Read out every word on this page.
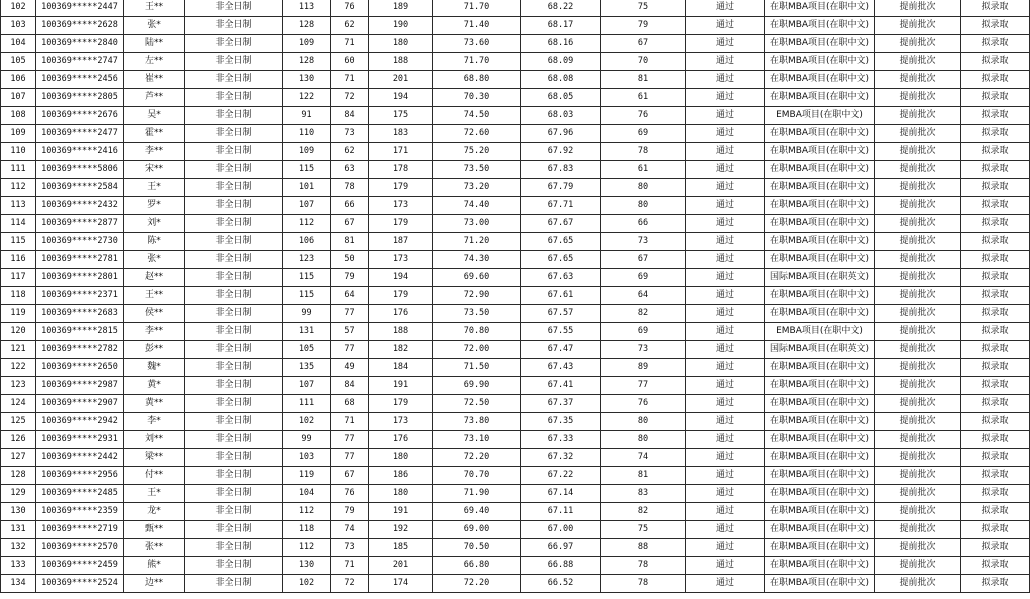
102	100369*****2447	王**	非全日制	113	76	189	71.70	68.22	75	通过	在职MBA项目(在职中文)	提前批次	拟录取
103	100369*****2628	张*	非全日制	128	62	190	71.40	68.17	79	通过	在职MBA项目(在职中文)	提前批次	拟录取
104	100369*****2840	陆**	非全日制	109	71	180	73.60	68.16	67	通过	在职MBA项目(在职中文)	提前批次	拟录取
105	100369*****2747	左**	非全日制	128	60	188	71.70	68.09	70	通过	在职MBA项目(在职中文)	提前批次	拟录取
106	100369*****2456	崔**	非全日制	130	71	201	68.80	68.08	81	通过	在职MBA项目(在职中文)	提前批次	拟录取
107	100369*****2805	芦**	非全日制	122	72	194	70.30	68.05	61	通过	在职MBA项目(在职中文)	提前批次	拟录取
108	100369*****2676	吴*	非全日制	91	84	175	74.50	68.03	76	通过	EMBA项目(在职中文)	提前批次	拟录取
109	100369*****2477	霍**	非全日制	110	73	183	72.60	67.96	69	通过	在职MBA项目(在职中文)	提前批次	拟录取
110	100369*****2416	李**	非全日制	109	62	171	75.20	67.92	78	通过	在职MBA项目(在职中文)	提前批次	拟录取
111	100369*****5806	宋**	非全日制	115	63	178	73.50	67.83	61	通过	在职MBA项目(在职中文)	提前批次	拟录取
112	100369*****2584	王*	非全日制	101	78	179	73.20	67.79	80	通过	在职MBA项目(在职中文)	提前批次	拟录取
113	100369*****2432	罗*	非全日制	107	66	173	74.40	67.71	80	通过	在职MBA项目(在职中文)	提前批次	拟录取
114	100369*****2877	刘*	非全日制	112	67	179	73.00	67.67	66	通过	在职MBA项目(在职中文)	提前批次	拟录取
115	100369*****2730	陈*	非全日制	106	81	187	71.20	67.65	73	通过	在职MBA项目(在职中文)	提前批次	拟录取
116	100369*****2781	张*	非全日制	123	50	173	74.30	67.65	67	通过	在职MBA项目(在职中文)	提前批次	拟录取
117	100369*****2801	赵**	非全日制	115	79	194	69.60	67.63	69	通过	国际MBA项目(在职英文)	提前批次	拟录取
118	100369*****2371	王**	非全日制	115	64	179	72.90	67.61	64	通过	在职MBA项目(在职中文)	提前批次	拟录取
119	100369*****2683	侯**	非全日制	99	77	176	73.50	67.57	82	通过	在职MBA项目(在职中文)	提前批次	拟录取
120	100369*****2815	李**	非全日制	131	57	188	70.80	67.55	69	通过	EMBA项目(在职中文)	提前批次	拟录取
121	100369*****2782	彭**	非全日制	105	77	182	72.00	67.47	73	通过	国际MBA项目(在职英文)	提前批次	拟录取
122	100369*****2650	魏*	非全日制	135	49	184	71.50	67.43	89	通过	在职MBA项目(在职中文)	提前批次	拟录取
123	100369*****2987	黄*	非全日制	107	84	191	69.90	67.41	77	通过	在职MBA项目(在职中文)	提前批次	拟录取
124	100369*****2907	黄**	非全日制	111	68	179	72.50	67.37	76	通过	在职MBA项目(在职中文)	提前批次	拟录取
125	100369*****2942	李*	非全日制	102	71	173	73.80	67.35	80	通过	在职MBA项目(在职中文)	提前批次	拟录取
126	100369*****2931	刘**	非全日制	99	77	176	73.10	67.33	80	通过	在职MBA项目(在职中文)	提前批次	拟录取
127	100369*****2442	梁**	非全日制	103	77	180	72.20	67.32	74	通过	在职MBA项目(在职中文)	提前批次	拟录取
128	100369*****2956	付**	非全日制	119	67	186	70.70	67.22	81	通过	在职MBA项目(在职中文)	提前批次	拟录取
129	100369*****2485	王*	非全日制	104	76	180	71.90	67.14	83	通过	在职MBA项目(在职中文)	提前批次	拟录取
130	100369*****2359	龙*	非全日制	112	79	191	69.40	67.11	82	通过	在职MBA项目(在职中文)	提前批次	拟录取
131	100369*****2719	甄**	非全日制	118	74	192	69.00	67.00	75	通过	在职MBA项目(在职中文)	提前批次	拟录取
132	100369*****2570	张**	非全日制	112	73	185	70.50	66.97	88	通过	在职MBA项目(在职中文)	提前批次	拟录取
133	100369*****2459	熊*	非全日制	130	71	201	66.80	66.88	78	通过	在职MBA项目(在职中文)	提前批次	拟录取
134	100369*****2524	边**	非全日制	102	72	174	72.20	66.52	78	通过	在职MBA项目(在职中文)	提前批次	拟录取
